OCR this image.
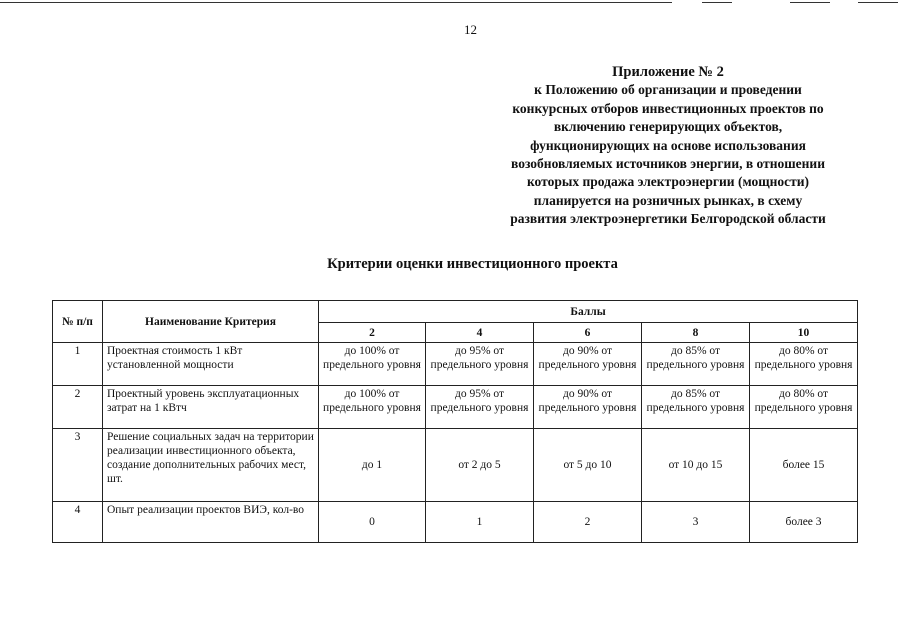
12
Приложение № 2
к Положению об организации и проведении
конкурсных отборов инвестиционных проектов по
включению генерирующих объектов,
функционирующих на основе использования
возобновляемых источников энергии, в отношении
которых продажа электроэнергии (мощности)
планируется на розничных рынках, в схему
развития электроэнергетики Белгородской области
Критерии оценки инвестиционного проекта
№ п/п	Наименование Критерия	Баллы				
		2	4	6	8	10
1	Проектная стоимость 1 кВт установленной мощности	до 100% от предельного уровня	до 95% от предельного уровня	до 90% от предельного уровня	до 85% от предельного уровня	до 80% от предельного уровня
2	Проектный уровень эксплуатационных затрат на 1 кВтч	до 100% от предельного уровня	до 95% от предельного уровня	до 90% от предельного уровня	до 85% от предельного уровня	до 80% от предельного уровня
3	Решение социальных задач на территории реализации инвестиционного объекта, создание дополнительных рабочих мест, шт.	до 1	от 2 до 5	от 5 до 10	от 10 до 15	более 15
4	Опыт реализации проектов ВИЭ, кол-во	0	1	2	3	более 3
